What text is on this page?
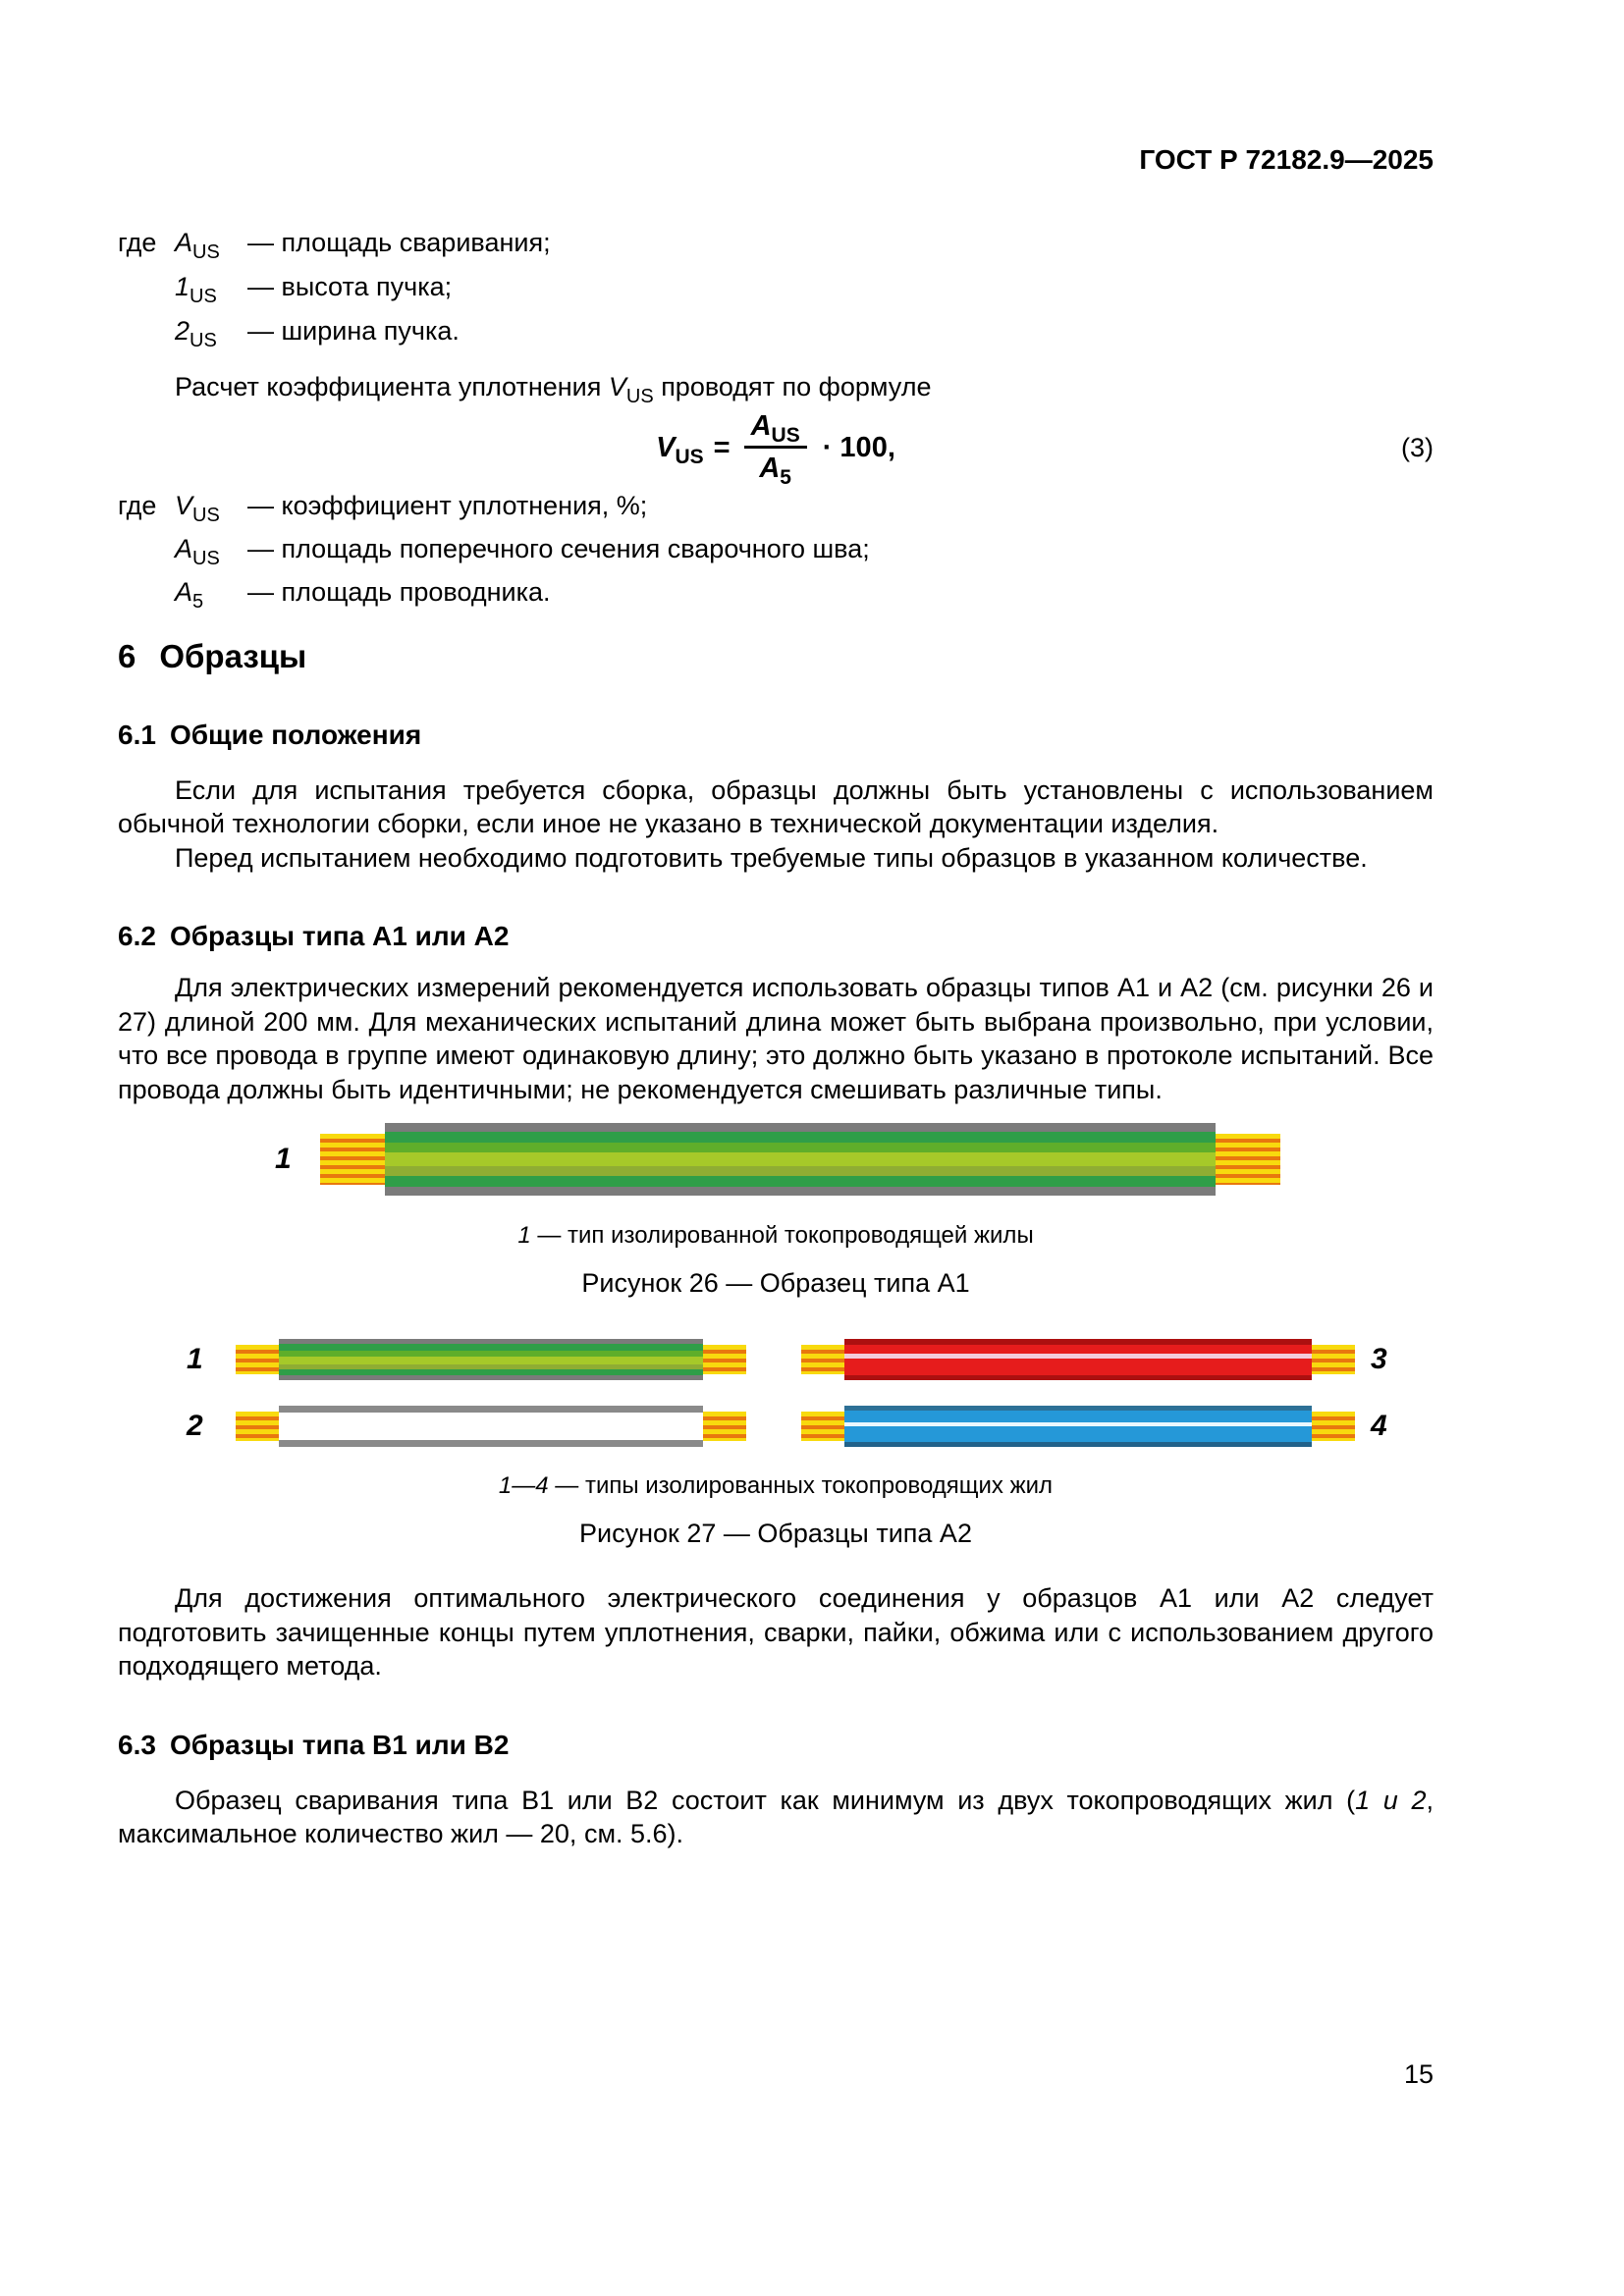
ГОСТ Р 72182.9—2025
где $A_{US}$	— площадь сваривания;
$1_{US}$	— высота пучка;
$2_{US}$	— ширина пучка.

Расчет коэффициента уплотнения $V_{US}$ проводят по формуле

$V_{US} = \frac{A_{US}}{A_5} \cdot 100$,	(3)
где $V_{US}$	— коэффициент уплотнения, %;
$A_{US}$	— площадь поперечного сечения сварочного шва;
$A_5$	— площадь проводника.
6 Образцы
6.1 Общие положения

Если для испытания требуется сборка, образцы должны быть установлены с использованием обычной технологии сборки, если иное не указано в технической документации изделия.

Перед испытанием необходимо подготовить требуемые типы образцов в указанном количестве.

6.2 Образцы типа А1 или А2

Для электрических измерений рекомендуется использовать образцы типов А1 и А2 (см. рисунки 26 и 27) длиной 200 мм. Для механических испытаний длина может быть выбрана произвольно, при условии, что все провода в группе имеют одинаковую длину; это должно быть указано в протоколе испытаний. Все провода должны быть идентичными; не рекомендуется смешивать различные типы.

1
1 — тип изолированной токопроводящей жилы
Рисунок 26 — Образец типа А1
1	3
2	4
1—4 — типы изолированных токопроводящих жил
Рисунок 27 — Образцы типа А2

Для достижения оптимального электрического соединения у образцов А1 или А2 следует подготовить зачищенные концы путем уплотнения, сварки, пайки, обжима или с использованием другого подходящего метода.

6.3 Образцы типа В1 или В2

Образец сваривания типа В1 или В2 состоит как минимум из двух токопроводящих жил (1 и 2, максимальное количество жил — 20, см. 5.6).

15
